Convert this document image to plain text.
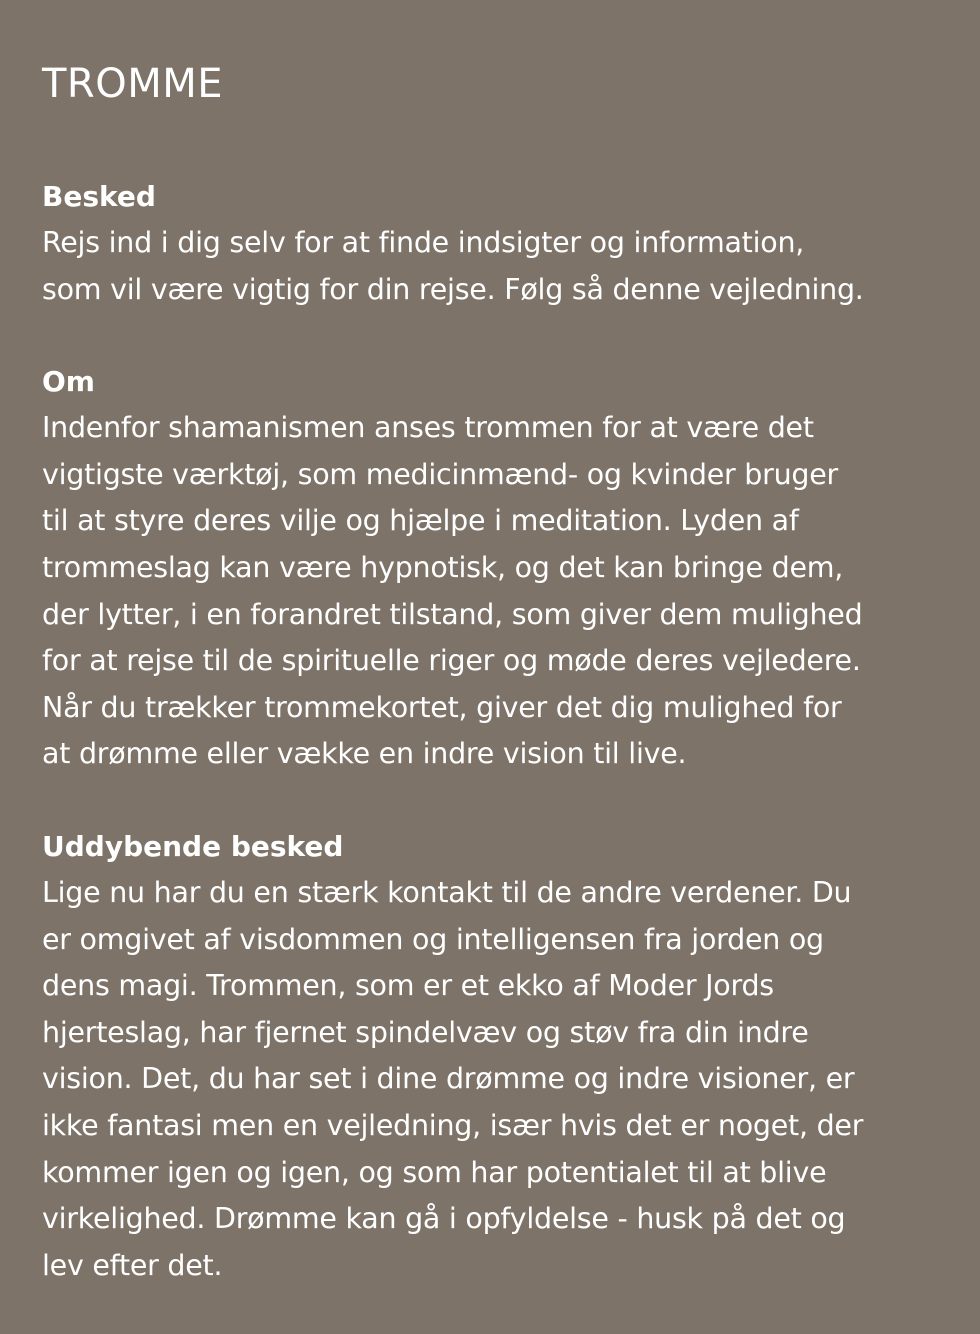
TROMME
Besked
Rejs ind i dig selv for at finde indsigter og information,
som vil være vigtig for din rejse. Følg så denne vejledning.
Om
Indenfor shamanismen anses trommen for at være det
vigtigste værktøj, som medicinmænd- og kvinder bruger
til at styre deres vilje og hjælpe i meditation. Lyden af
trommeslag kan være hypnotisk, og det kan bringe dem,
der lytter, i en forandret tilstand, som giver dem mulighed
for at rejse til de spirituelle riger og møde deres vejledere.
Når du trækker trommekortet, giver det dig mulighed for
at drømme eller vække en indre vision til live.
Uddybende besked
Lige nu har du en stærk kontakt til de andre verdener. Du
er omgivet af visdommen og intelligensen fra jorden og
dens magi. Trommen, som er et ekko af Moder Jords
hjerteslag, har fjernet spindelvæv og støv fra din indre
vision. Det, du har set i dine drømme og indre visioner, er
ikke fantasi men en vejledning, især hvis det er noget, der
kommer igen og igen, og som har potentialet til at blive
virkelighed. Drømme kan gå i opfyldelse - husk på det og
lev efter det.
